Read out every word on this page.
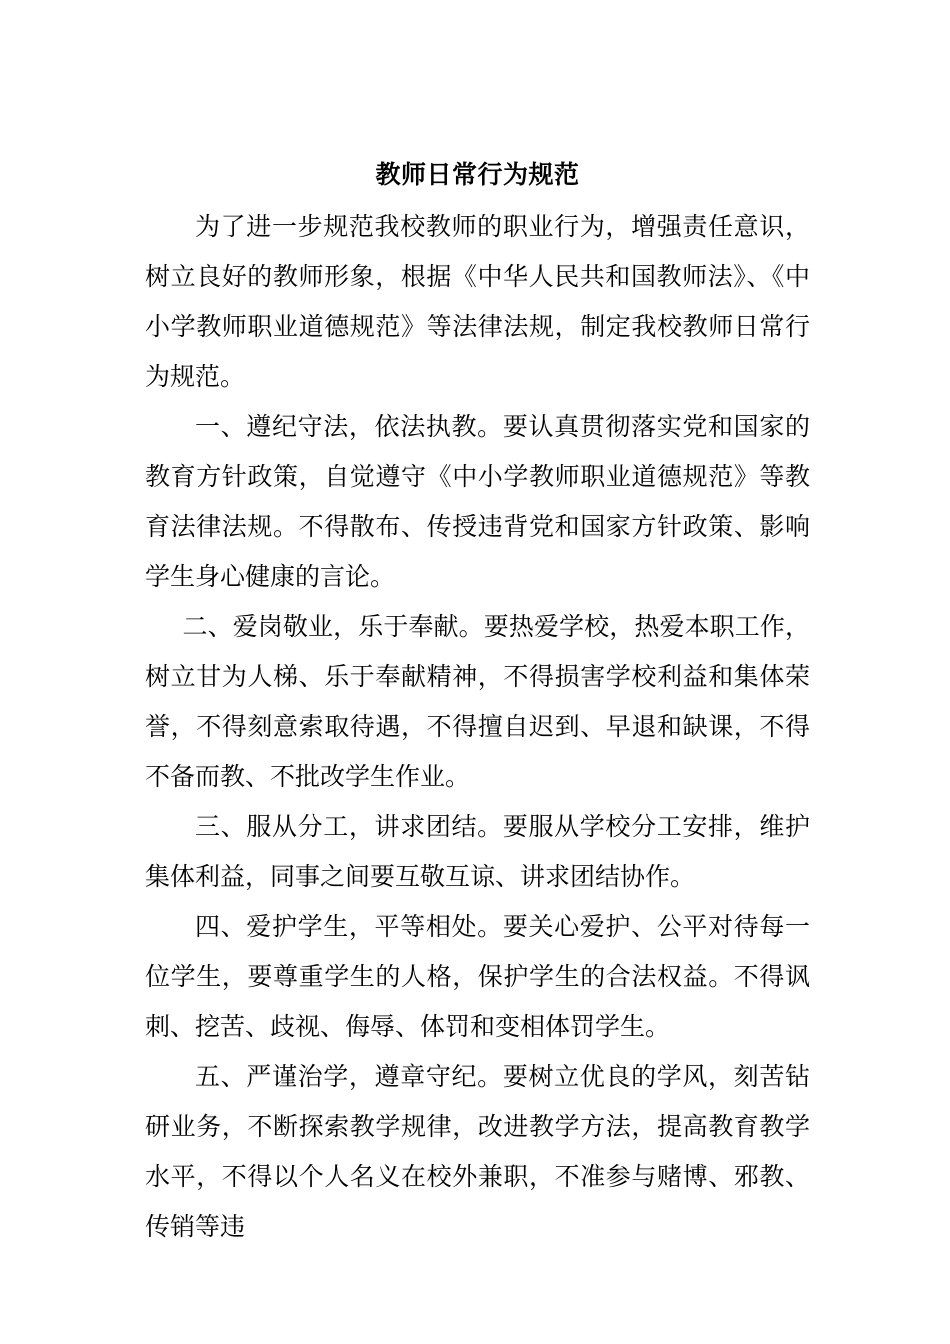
教师日常行为规范

为了进一步规范我校教师的职业行为，增强责任意识，树立良好的教师形象，根据《中华人民共和国教师法》、《中小学教师职业道德规范》等法律法规，制定我校教师日常行为规范。

一、遵纪守法，依法执教。要认真贯彻落实党和国家的教育方针政策，自觉遵守《中小学教师职业道德规范》等教育法律法规。不得散布、传授违背党和国家方针政策、影响学生身心健康的言论。

二、爱岗敬业，乐于奉献。要热爱学校，热爱本职工作，树立甘为人梯、乐于奉献精神，不得损害学校利益和集体荣誉，不得刻意索取待遇，不得擅自迟到、早退和缺课，不得不备而教、不批改学生作业。

三、服从分工，讲求团结。要服从学校分工安排，维护集体利益，同事之间要互敬互谅、讲求团结协作。

四、爱护学生，平等相处。要关心爱护、公平对待每一位学生，要尊重学生的人格，保护学生的合法权益。不得讽刺、挖苦、歧视、侮辱、体罚和变相体罚学生。

五、严谨治学，遵章守纪。要树立优良的学风，刻苦钻研业务，不断探索教学规律，改进教学方法，提高教育教学水平，不得以个人名义在校外兼职，不准参与赌博、邪教、传销等违
